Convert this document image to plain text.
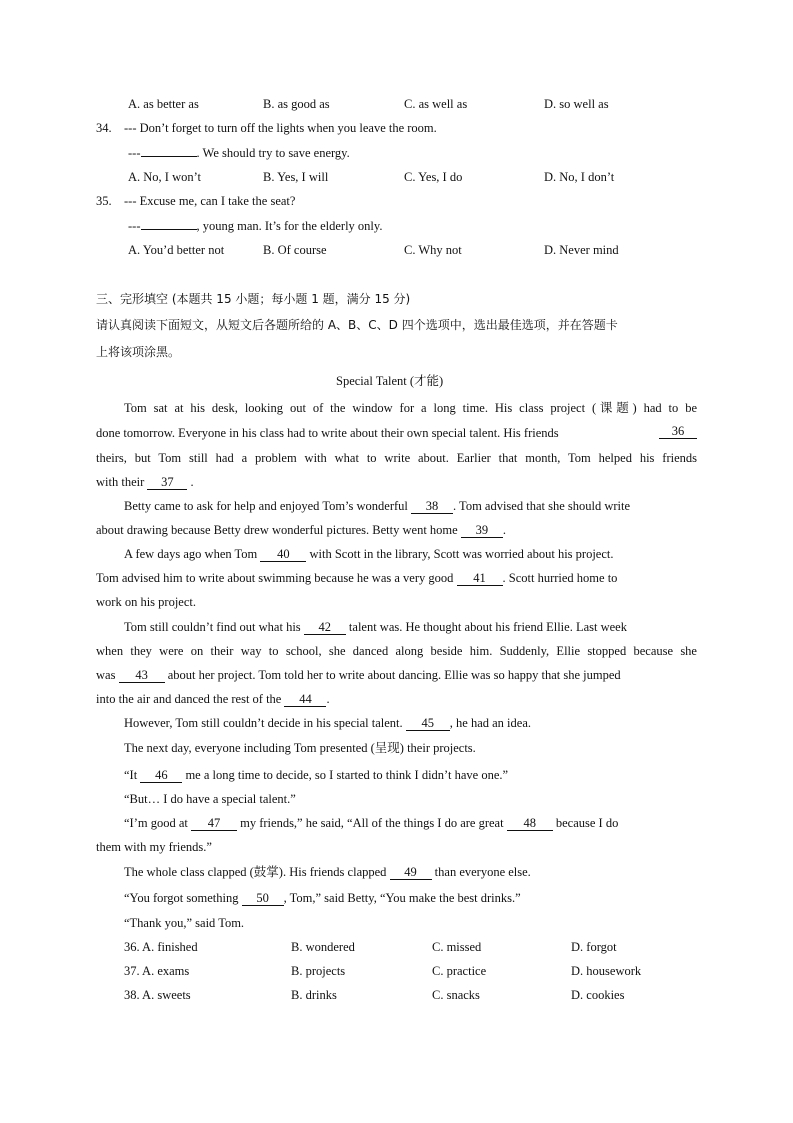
A. as better as	B. as good as	C. as well as	D. so well as
34. --- Don’t forget to turn off the lights when you leave the room.
---	. We should try to save energy.
A. No, I won’t	B. Yes, I will	C. Yes, I do	D. No, I don’t
35. --- Excuse me, can I take the seat?
---	, young man. It’s for the elderly only.
A. You’d better not	B. Of course	C. Why not	D. Never mind
三、完形填空 (本题共 15 小题；每小题 1 题，满分 15 分)
请认真阅读下面短文，从短文后各题所给的 A、B、C、D 四个选项中，选出最佳选项，并在答题卡
上将该项涂黑。
Special Talent (才能)
Tom sat at his desk, looking out of the window for a long time. His class project (课题) had to be
done tomorrow. Everyone in his class had to write about their own special talent. His friends	36
theirs, but Tom still had a problem with what to write about. Earlier that month, Tom helped his friends
with their 37 .
Betty came to ask for help and enjoyed Tom’s wonderful 38 . Tom advised that she should write
about drawing because Betty drew wonderful pictures. Betty went home 39 .
A few days ago when Tom 40 with Scott in the library, Scott was worried about his project.
Tom advised him to write about swimming because he was a very good 41 . Scott hurried home to
work on his project.
Tom still couldn’t find out what his 42 talent was. He thought about his friend Ellie. Last week
when they were on their way to school, she danced along beside him. Suddenly, Ellie stopped because she
was 43 about her project. Tom told her to write about dancing. Ellie was so happy that she jumped
into the air and danced the rest of the 44 .
However, Tom still couldn’t decide in his special talent. 45 , he had an idea.
The next day, everyone including Tom presented (呈现) their projects.
“It 46 me a long time to decide, so I started to think I didn’t have one.”
“But… I do have a special talent.”
“I’m good at 47 my friends,” he said, “All of the things I do are great 48 because I do
them with my friends.”
The whole class clapped (鼓掌). His friends clapped 49 than everyone else.
“You forgot something 50 , Tom,” said Betty, “You make the best drinks.”
“Thank you,” said Tom.
36. A. finished	B. wondered	C. missed	D. forgot
37. A. exams	B. projects	C. practice	D. housework
38. A. sweets	B. drinks	C. snacks	D. cookies
